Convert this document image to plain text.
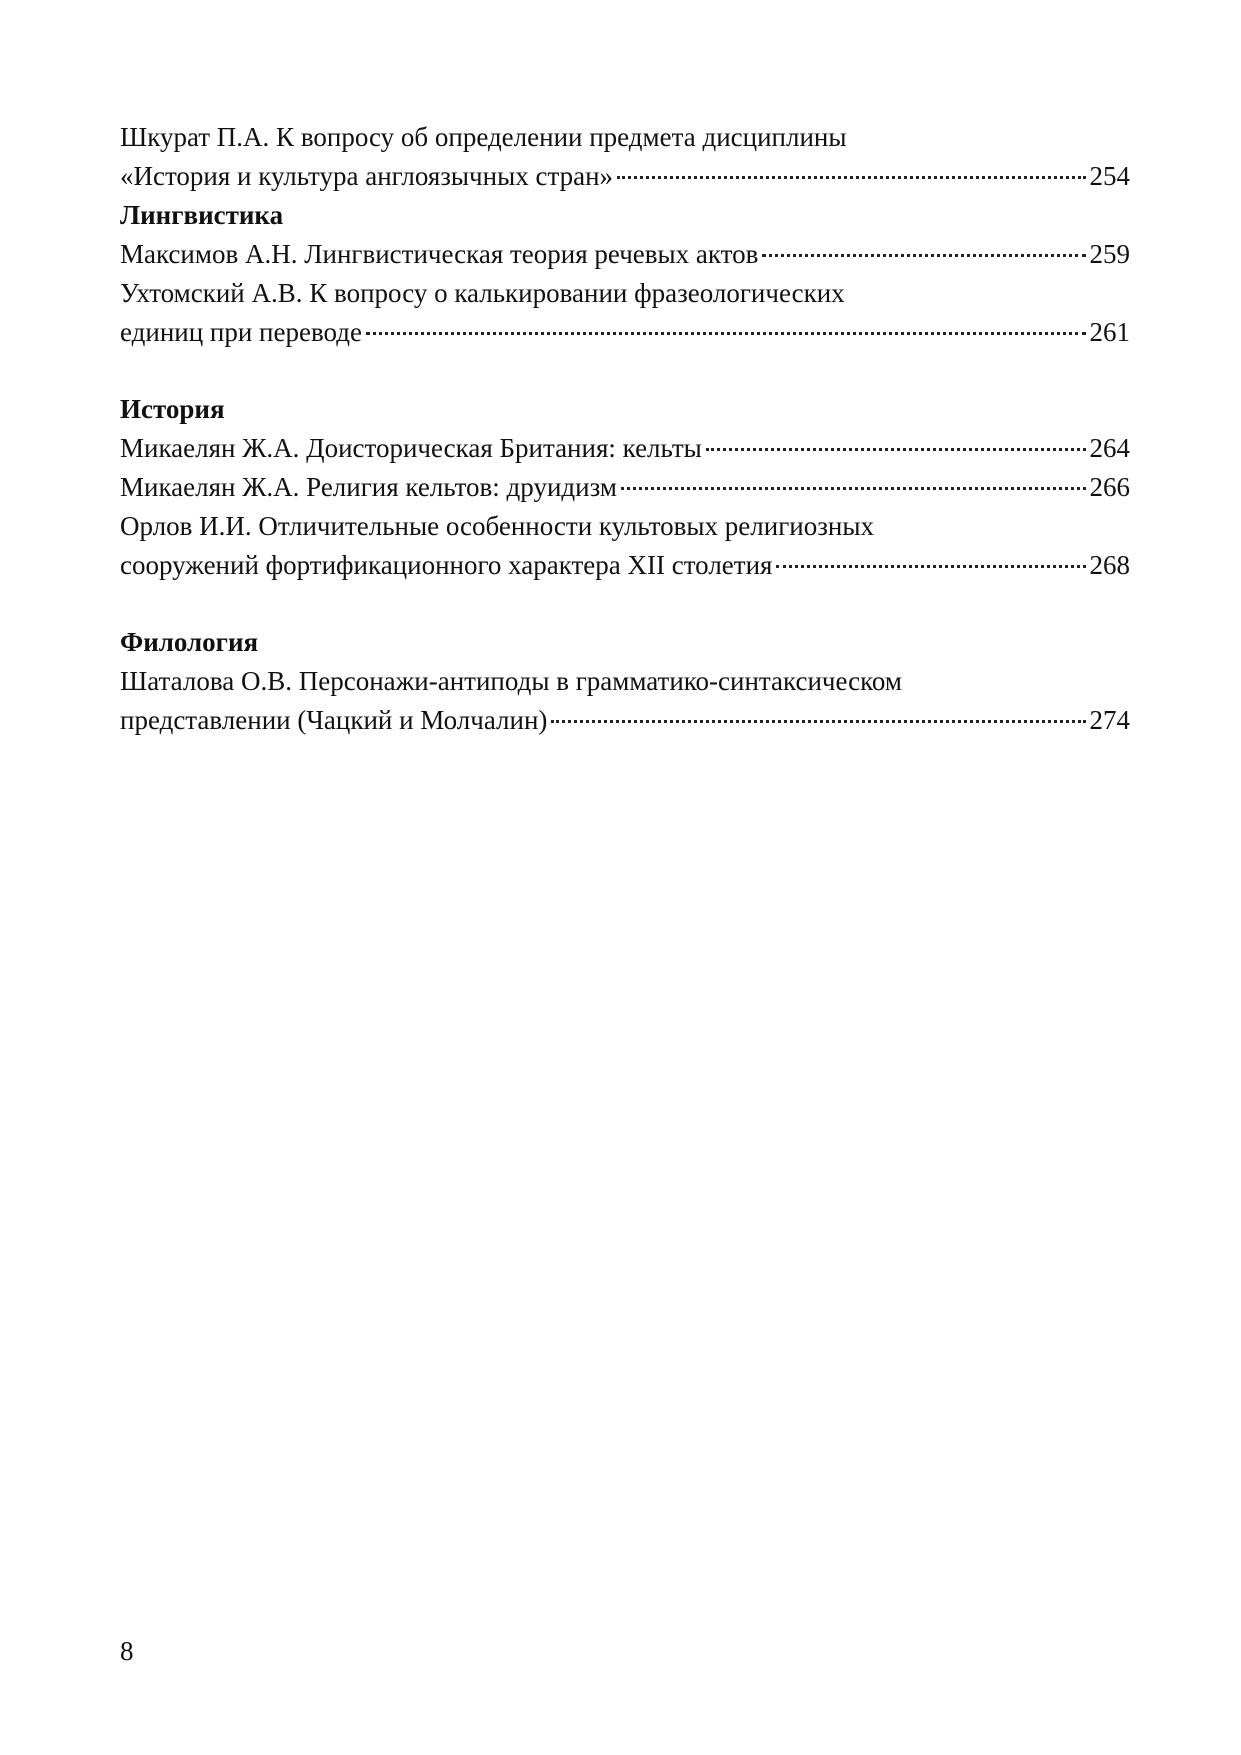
Шкурат П.А. К вопросу об определении предмета дисциплины
«История и культура англоязычных стран»	254
Лингвистика
Максимов А.Н. Лингвистическая теория речевых актов	259
Ухтомский А.В. К вопросу о калькировании фразеологических
единиц при переводе	261
История
Микаелян Ж.А. Доисторическая Британия: кельты	264
Микаелян Ж.А. Религия кельтов: друидизм	266
Орлов И.И. Отличительные особенности культовых религиозных
сооружений фортификационного характера XII столетия	268
Филология
Шаталова О.В. Персонажи-антиподы в грамматико-синтаксическом
представлении (Чацкий и Молчалин)	274
8
